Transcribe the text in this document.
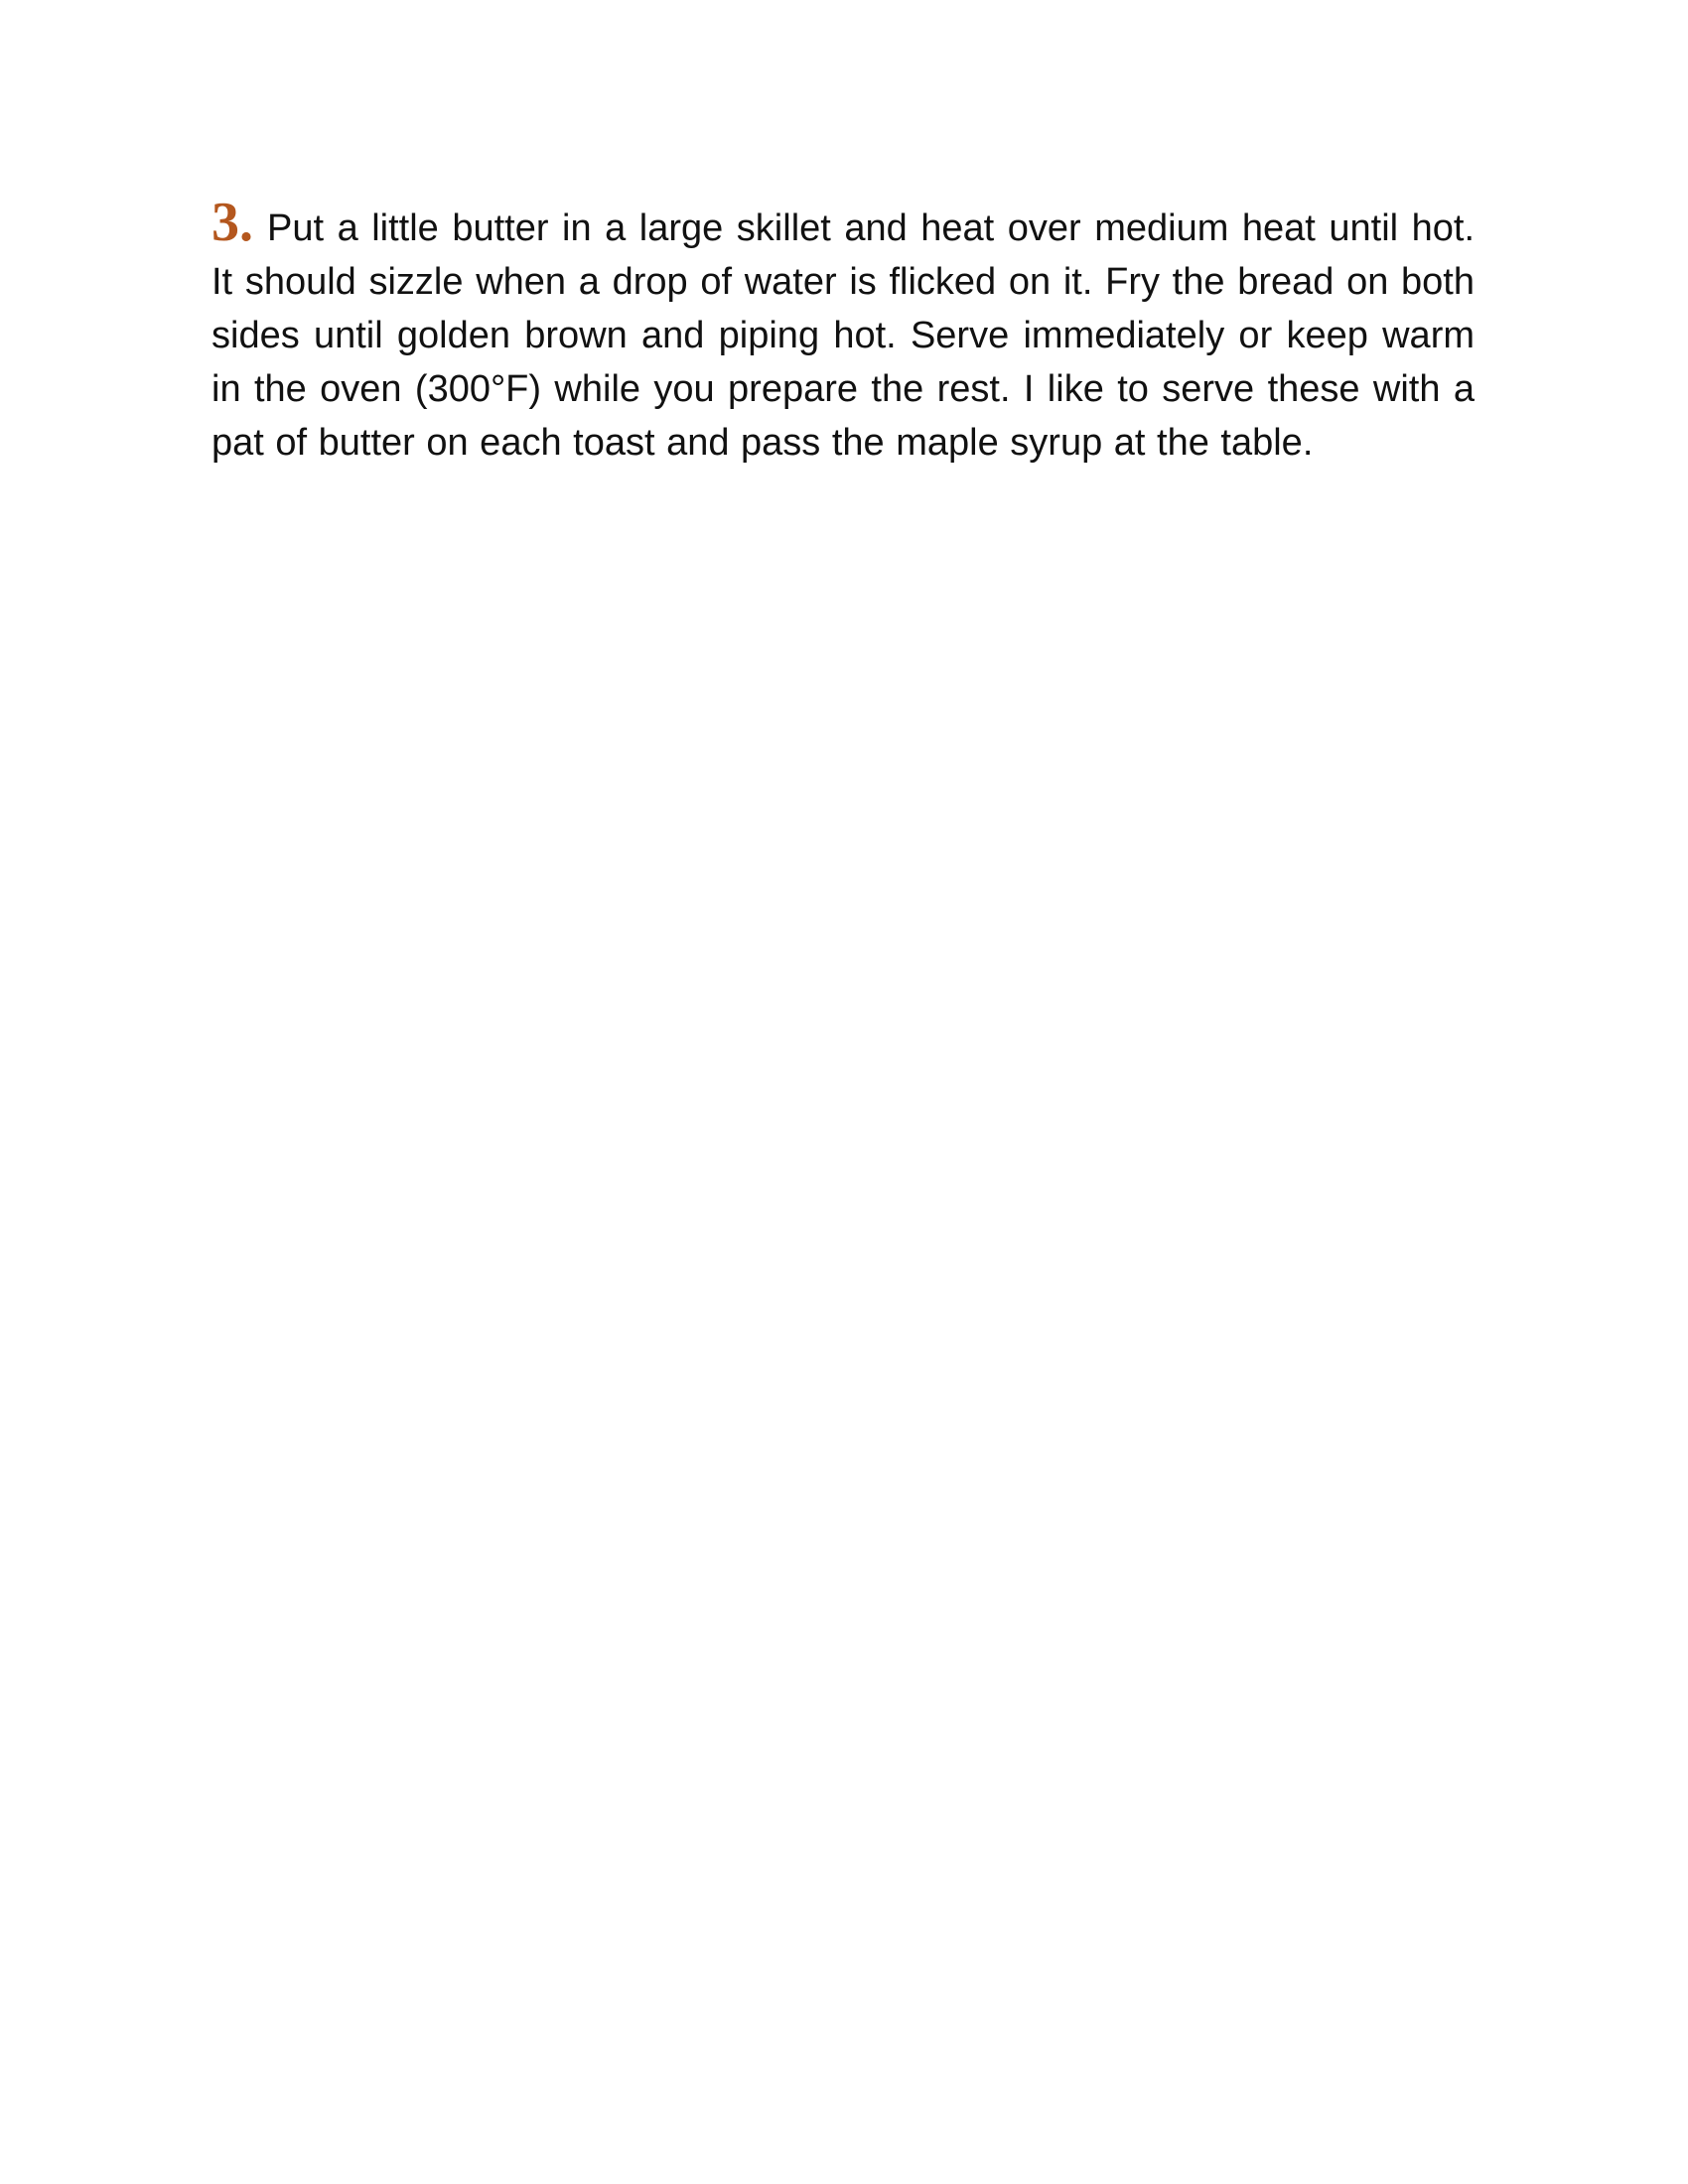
3. Put a little butter in a large skillet and heat over medium heat until hot. It should sizzle when a drop of water is flicked on it. Fry the bread on both sides until golden brown and piping hot. Serve immediately or keep warm in the oven (300°F) while you prepare the rest. I like to serve these with a pat of butter on each toast and pass the maple syrup at the table.
